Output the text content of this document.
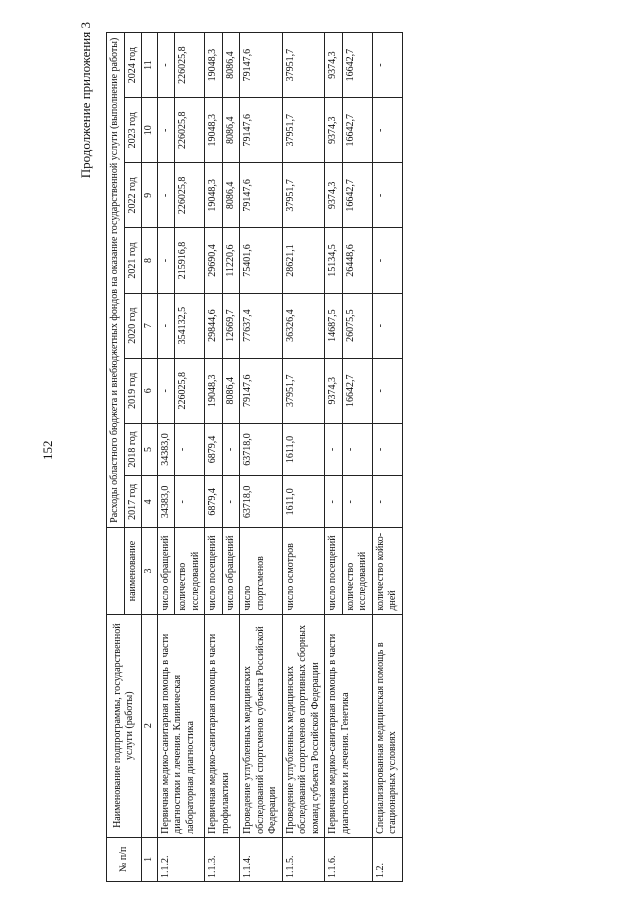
152
Продолжение приложения 3
№ п/п	Наименование подпрограммы, государственной услуги (работы)		Расходы областного бюджета и внебюджетных фондов на оказание государственной услуги (выполнение работы)							
		наименование	2017 год	2018 год	2019 год	2020 год	2021 год	2022 год	2023 год	2024 год
1	2	3	4	5	6	7	8	9	10	11
1.1.2.	Первичная медико-санитарная помощь в части диагностики и лечения. Клиническая лабораторная диагностика	число обращений	34383,0	34383,0	-	-	-	-	-	-
		количество исследований	-	-	226025,8	354132,5	215916,8	226025,8	226025,8	226025,8
1.1.3.	Первичная медико-санитарная помощь в части профилактики	число посещений	6879,4	6879,4	19048,3	29844,6	29690,4	19048,3	19048,3	19048,3
		число обращений	-	-	8086,4	12669,7	11220,6	8086,4	8086,4	8086,4
1.1.4.	Проведение углубленных медицинских обследований спортсменов субъекта Российской Федерации	число спортсменов	63718,0	63718,0	79147,6	77637,4	75401,6	79147,6	79147,6	79147,6
1.1.5.	Проведение углубленных медицинских обследований спортсменов спортивных сборных команд субъекта Российской Федерации	число осмотров	1611,0	1611,0	37951,7	36326,4	28621,1	37951,7	37951,7	37951,7
1.1.6.	Первичная медико-санитарная помощь в части диагностики и лечения. Генетика	число посещений	-	-	9374,3	14687,5	15134,5	9374,3	9374,3	9374,3
		количество исследований	-	-	16642,7	26075,5	26448,6	16642,7	16642,7	16642,7
1.2.	Специализированная медицинская помощь в стационарных условиях	количество койко-дней	-	-	-	-	-	-	-	-
